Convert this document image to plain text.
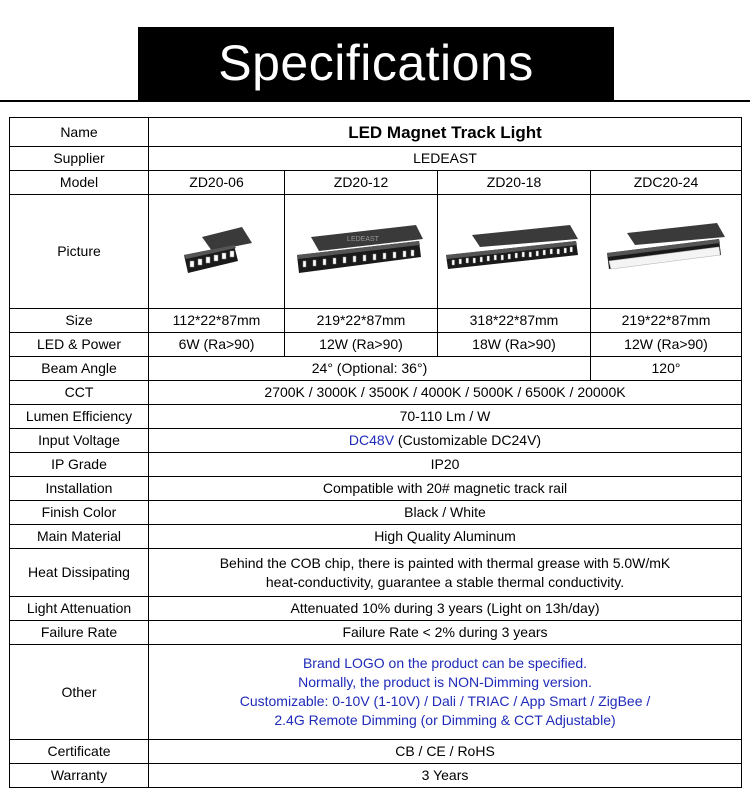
Specifications
Name	LED Magnet Track Light			
Supplier	LEDEAST			
Model	ZD20-06	ZD20-12	ZD20-18	ZDC20-24
Picture		LEDEAST

Size	112*22*87mm	219*22*87mm	318*22*87mm	219*22*87mm
LED & Power	6W (Ra>90)	12W (Ra>90)	18W (Ra>90)	12W (Ra>90)
Beam Angle	24° (Optional: 36°)			120°
CCT	2700K / 3000K / 3500K / 4000K / 5000K / 6500K / 20000K			
Lumen Efficiency	70-110 Lm / W			
Input Voltage	DC48V (Customizable DC24V)			
IP Grade	IP20			
Installation	Compatible with 20# magnetic track rail			
Finish Color	Black / White			
Main Material	High Quality Aluminum			
Heat Dissipating	Behind the COB chip, there is painted with thermal grease with 5.0W/mK
heat-conductivity, guarantee a stable thermal conductivity.			

Light Attenuation	Attenuated 10% during 3 years (Light on 13h/day)			
Failure Rate	Failure Rate < 2% during 3 years			
Other	Brand LOGO on the product can be specified.
Normally, the product is NON-Dimming version.
Customizable: 0-10V (1-10V) / Dali / TRIAC / App Smart / ZigBee /
2.4G Remote Dimming (or Dimming & CCT Adjustable)			

Certificate	CB / CE / RoHS			
Warranty	3 Years			
